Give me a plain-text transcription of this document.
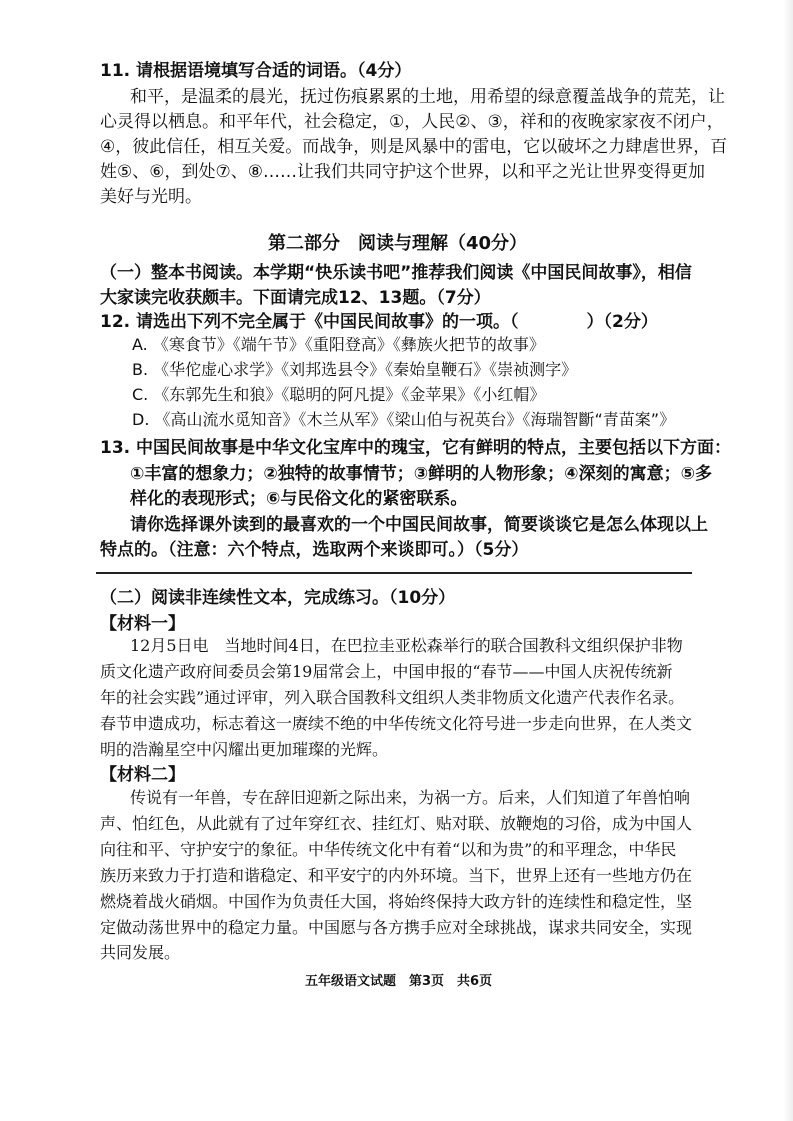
11. 请根据语境填写合适的词语。（4分）
和平，是温柔的晨光，抚过伤痕累累的土地，用希望的绿意覆盖战争的荒芜，让
心灵得以栖息。和平年代，社会稳定，①，人民②、③，祥和的夜晚家家夜不闭户，
④，彼此信任，相互关爱。而战争，则是风暴中的雷电，它以破坏之力肆虐世界，百
姓⑤、⑥，到处⑦、⑧……让我们共同守护这个世界，以和平之光让世界变得更加
美好与光明。
第二部分　阅读与理解（40分）
（一）整本书阅读。本学期“快乐读书吧”推荐我们阅读《中国民间故事》，相信
大家读完收获颇丰。下面请完成12、13题。（7分）
12. 请选出下列不完全属于《中国民间故事》的一项。（　　　　）（2分）
A. 《寒食节》《端午节》《重阳登高》《彝族火把节的故事》
B. 《华佗虚心求学》《刘邦选县令》《秦始皇鞭石》《崇祯测字》
C. 《东郭先生和狼》《聪明的阿凡提》《金苹果》《小红帽》
D. 《高山流水觅知音》《木兰从军》《梁山伯与祝英台》《海瑞智斷“青苗案”》
13. 中国民间故事是中华文化宝库中的瑰宝，它有鲜明的特点，主要包括以下方面：
①丰富的想象力；②独特的故事情节；③鲜明的人物形象；④深刻的寓意；⑤多
样化的表现形式；⑥与民俗文化的紧密联系。
请你选择课外读到的最喜欢的一个中国民间故事，简要谈谈它是怎么体现以上
特点的。（注意：六个特点，选取两个来谈即可。）（5分）
（二）阅读非连续性文本，完成练习。（10分）
【材料一】
12月5日电　当地时间4日，在巴拉圭亚松森举行的联合国教科文组织保护非物
质文化遗产政府间委员会第19届常会上，中国申报的“春节——中国人庆祝传统新
年的社会实践”通过评审，列入联合国教科文组织人类非物质文化遗产代表作名录。
春节申遗成功，标志着这一赓续不绝的中华传统文化符号进一步走向世界，在人类文
明的浩瀚星空中闪耀出更加璀璨的光辉。
【材料二】
传说有一年兽，专在辞旧迎新之际出来，为祸一方。后来，人们知道了年兽怕响
声、怕红色，从此就有了过年穿红衣、挂红灯、贴对联、放鞭炮的习俗，成为中国人
向往和平、守护安宁的象征。中华传统文化中有着“以和为贵”的和平理念，中华民
族历来致力于打造和谐稳定、和平安宁的内外环境。当下，世界上还有一些地方仍在
燃烧着战火硝烟。中国作为负责任大国，将始终保持大政方针的连续性和稳定性，坚
定做动荡世界中的稳定力量。中国愿与各方携手应对全球挑战，谋求共同安全，实现
共同发展。
五年级语文试题　第3页　共6页
